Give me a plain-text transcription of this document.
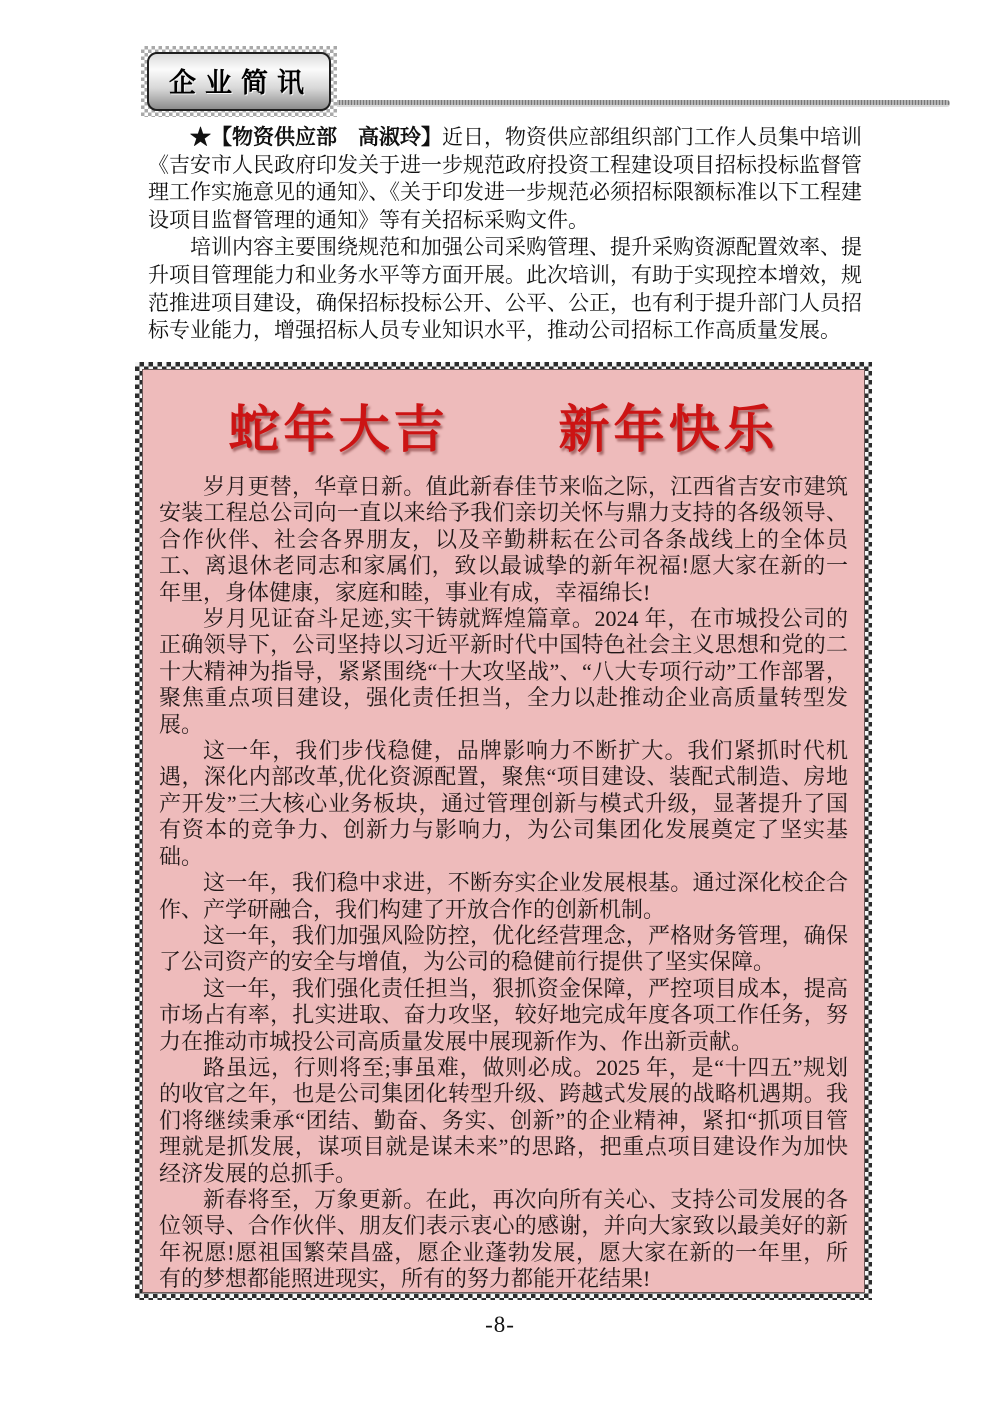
企业简讯

★【物资供应部　高淑玲】近日，物资供应部组织部门工作人员集中培训《吉安市人民政府印发关于进一步规范政府投资工程建设项目招标投标监督管理工作实施意见的通知》、《关于印发进一步规范必须招标限额标准以下工程建设项目监督管理的通知》等有关招标采购文件。

培训内容主要围绕规范和加强公司采购管理、提升采购资源配置效率、提升项目管理能力和业务水平等方面开展。此次培训，有助于实现控本增效，规范推进项目建设，确保招标投标公开、公平、公正，也有利于提升部门人员招标专业能力，增强招标人员专业知识水平，推动公司招标工作高质量发展。

蛇年大吉　　新年快乐

岁月更替，华章日新。值此新春佳节来临之际，江西省吉安市建筑安装工程总公司向一直以来给予我们亲切关怀与鼎力支持的各级领导、合作伙伴、社会各界朋友，以及辛勤耕耘在公司各条战线上的全体员工、离退休老同志和家属们，致以最诚挚的新年祝福!愿大家在新的一年里，身体健康，家庭和睦，事业有成，幸福绵长!

岁月见证奋斗足迹,实干铸就辉煌篇章。2024 年，在市城投公司的正确领导下，公司坚持以习近平新时代中国特色社会主义思想和党的二十大精神为指导，紧紧围绕“十大攻坚战”、“八大专项行动”工作部署，聚焦重点项目建设，强化责任担当，全力以赴推动企业高质量转型发展。

这一年，我们步伐稳健，品牌影响力不断扩大。我们紧抓时代机遇，深化内部改革,优化资源配置，聚焦“项目建设、装配式制造、房地产开发”三大核心业务板块，通过管理创新与模式升级，显著提升了国有资本的竞争力、创新力与影响力，为公司集团化发展奠定了坚实基础。

这一年，我们稳中求进，不断夯实企业发展根基。通过深化校企合作、产学研融合，我们构建了开放合作的创新机制。

这一年，我们加强风险防控，优化经营理念，严格财务管理，确保了公司资产的安全与增值，为公司的稳健前行提供了坚实保障。

这一年，我们强化责任担当，狠抓资金保障，严控项目成本，提高市场占有率，扎实进取、奋力攻坚，较好地完成年度各项工作任务，努力在推动市城投公司高质量发展中展现新作为、作出新贡献。

路虽远，行则将至;事虽难，做则必成。2025 年，是“十四五”规划的收官之年，也是公司集团化转型升级、跨越式发展的战略机遇期。我们将继续秉承“团结、勤奋、务实、创新”的企业精神，紧扣“抓项目管理就是抓发展，谋项目就是谋未来”的思路，把重点项目建设作为加快经济发展的总抓手。

新春将至，万象更新。在此，再次向所有关心、支持公司发展的各位领导、合作伙伴、朋友们表示衷心的感谢，并向大家致以最美好的新年祝愿!愿祖国繁荣昌盛，愿企业蓬勃发展，愿大家在新的一年里，所有的梦想都能照进现实，所有的努力都能开花结果!

-8-
